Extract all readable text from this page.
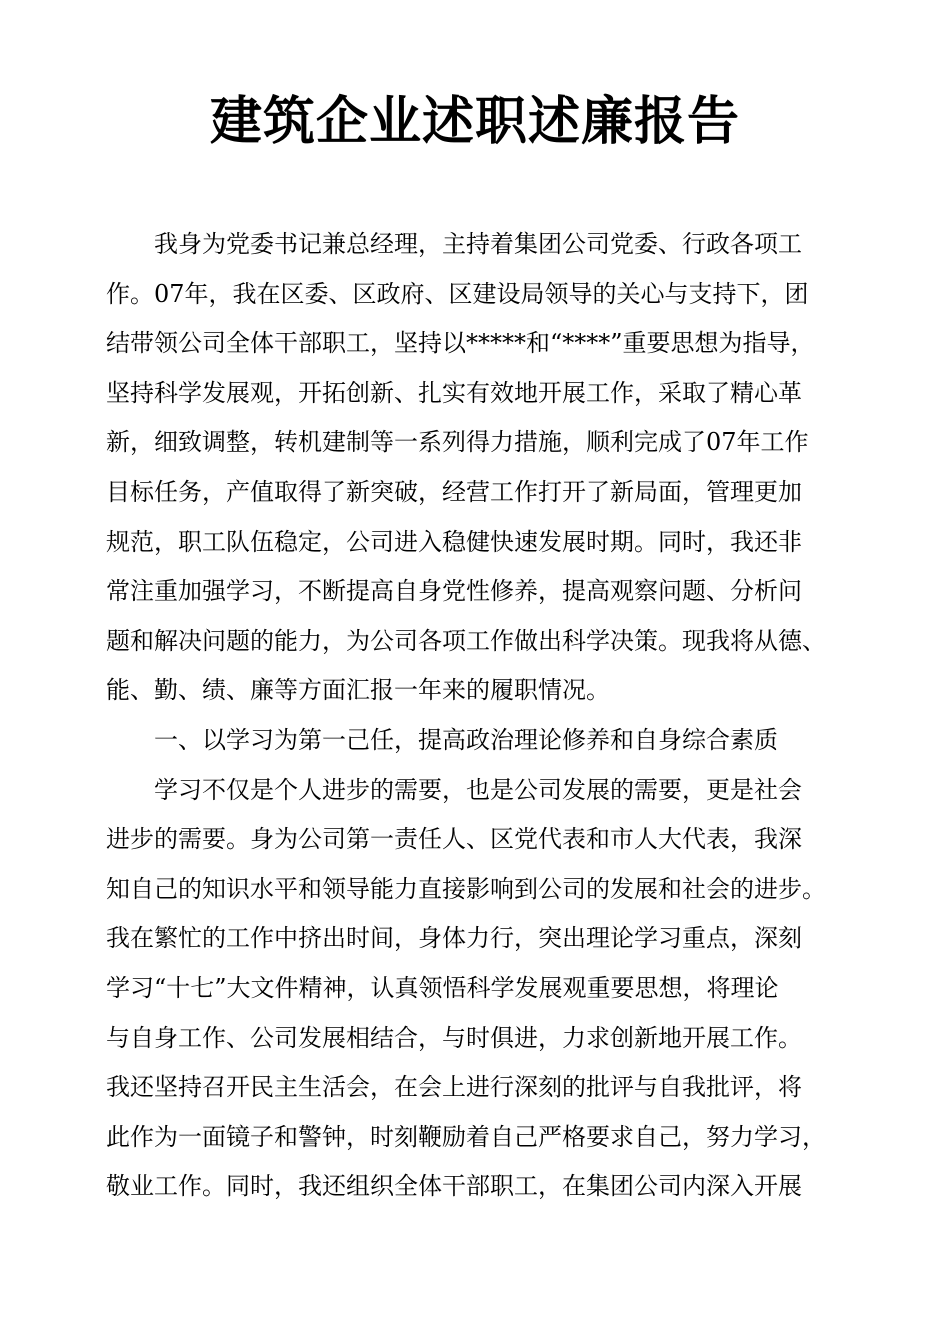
建筑企业述职述廉报告
我身为党委书记兼总经理，主持着集团公司党委、行政各项工
作。07年，我在区委、区政府、区建设局领导的关心与支持下，团
结带领公司全体干部职工，坚持以*****和“****”重要思想为指导，
坚持科学发展观，开拓创新、扎实有效地开展工作，采取了精心革
新，细致调整，转机建制等一系列得力措施，顺利完成了07年工作
目标任务，产值取得了新突破，经营工作打开了新局面，管理更加
规范，职工队伍稳定，公司进入稳健快速发展时期。同时，我还非
常注重加强学习，不断提高自身党性修养，提高观察问题、分析问
题和解决问题的能力，为公司各项工作做出科学决策。现我将从德、
能、勤、绩、廉等方面汇报一年来的履职情况。
一、以学习为第一己任，提高政治理论修养和自身综合素质
学习不仅是个人进步的需要，也是公司发展的需要，更是社会
进步的需要。身为公司第一责任人、区党代表和市人大代表，我深
知自己的知识水平和领导能力直接影响到公司的发展和社会的进步。
我在繁忙的工作中挤出时间，身体力行，突出理论学习重点，深刻
学习“十七”大文件精神，认真领悟科学发展观重要思想，将理论
与自身工作、公司发展相结合，与时俱进，力求创新地开展工作。
我还坚持召开民主生活会，在会上进行深刻的批评与自我批评，将
此作为一面镜子和警钟，时刻鞭励着自己严格要求自己，努力学习，
敬业工作。同时，我还组织全体干部职工，在集团公司内深入开展
